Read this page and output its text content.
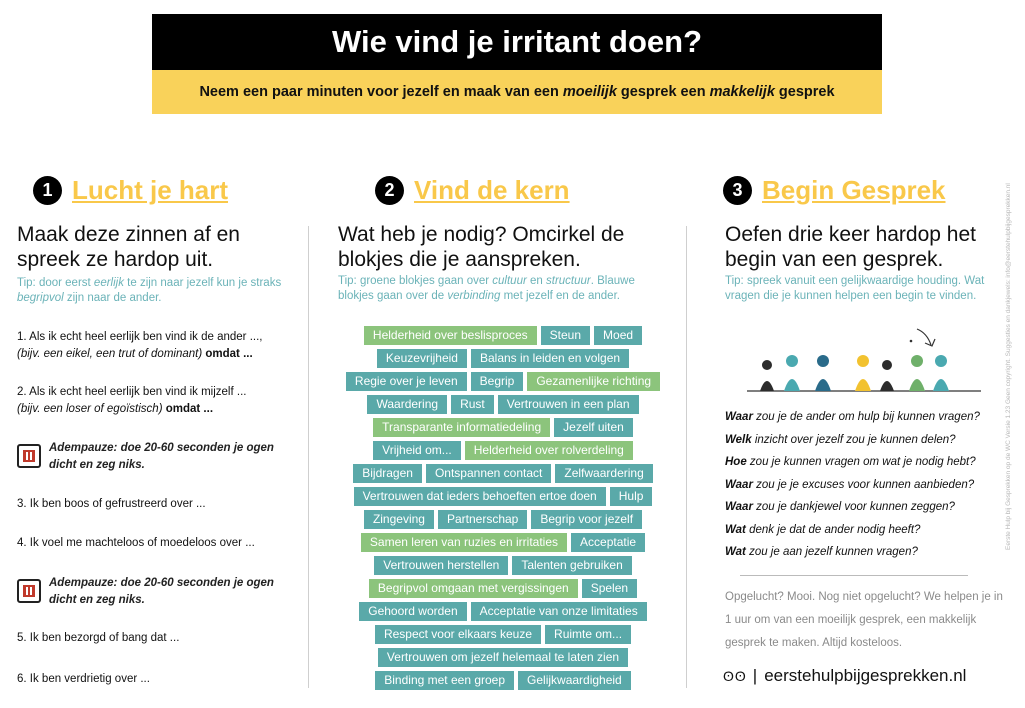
Wie vind je irritant doen?
Neem een paar minuten voor jezelf en maak van een moeilijk gesprek een makkelijk gesprek
1 Lucht je hart	2 Vind de kern	3 Begin Gesprek
Maak deze zinnen af en spreek ze hardop uit.
Tip: door eerst eerlijk te zijn naar jezelf kun je straks begripvol zijn naar de ander.
1. Als ik echt heel eerlijk ben vind ik de ander ...,
(bijv. een eikel, een trut of dominant) omdat ...
2. Als ik echt heel eerlijk ben vind ik mijzelf ...
(bijv. een loser of egoïstisch) omdat ...
Adempauze: doe 20-60 seconden je ogen dicht en zeg niks.
3. Ik ben boos of gefrustreerd over ...
4. Ik voel me machteloos of moedeloos over ...
Adempauze: doe 20-60 seconden je ogen dicht en zeg niks.
5. Ik ben bezorgd of bang dat ...
6. Ik ben verdrietig over ...
Wat heb je nodig? Omcirkel de blokjes die je aanspreken.
Tip: groene blokjes gaan over cultuur en structuur. Blauwe blokjes gaan over de verbinding met jezelf en de ander.
Helderheid over beslisproces	Steun	Moed
Keuzevrijheid	Balans in leiden en volgen
Regie over je leven	Begrip	Gezamenlijke richting
Waardering	Rust	Vertrouwen in een plan
Transparante informatiedeling	Jezelf uiten
Vrijheid om...	Helderheid over rolverdeling
Bijdragen	Ontspannen contact	Zelfwaardering
Vertrouwen dat ieders behoeften ertoe doen	Hulp
Zingeving	Partnerschap	Begrip voor jezelf
Samen leren van ruzies en irritaties	Acceptatie
Vertrouwen herstellen	Talenten gebruiken
Begripvol omgaan met vergissingen	Spelen
Gehoord worden	Acceptatie van onze limitaties
Respect voor elkaars keuze	Ruimte om...
Vertrouwen om jezelf helemaal te laten zien
Binding met een groep	Gelijkwaardigheid
Oefen drie keer hardop het begin van een gesprek.
Tip: spreek vanuit een gelijkwaardige houding. Wat vragen die je kunnen helpen een begin te vinden.
Waar zou je de ander om hulp bij kunnen vragen?
Welk inzicht over jezelf zou je kunnen delen?
Hoe zou je kunnen vragen om wat je nodig hebt?
Waar zou je je excuses voor kunnen aanbieden?
Waar zou je dankjewel voor kunnen zeggen?
Wat denk je dat de ander nodig heeft?
Wat zou je aan jezelf kunnen vragen?
Opgelucht? Mooi. Nog niet opgelucht? We helpen je in 1 uur om van een moeilijk gesprek, een makkelijk gesprek te maken. Altijd kosteloos.
ʘʘ | eerstehulpbijgesprekken.nl
Eerste Hulp bij Gesprekken op de WC Versie 1.23 Geen copyright. Suggesties en dankjewels: info@eerstehulpbijgesprekken.nl
